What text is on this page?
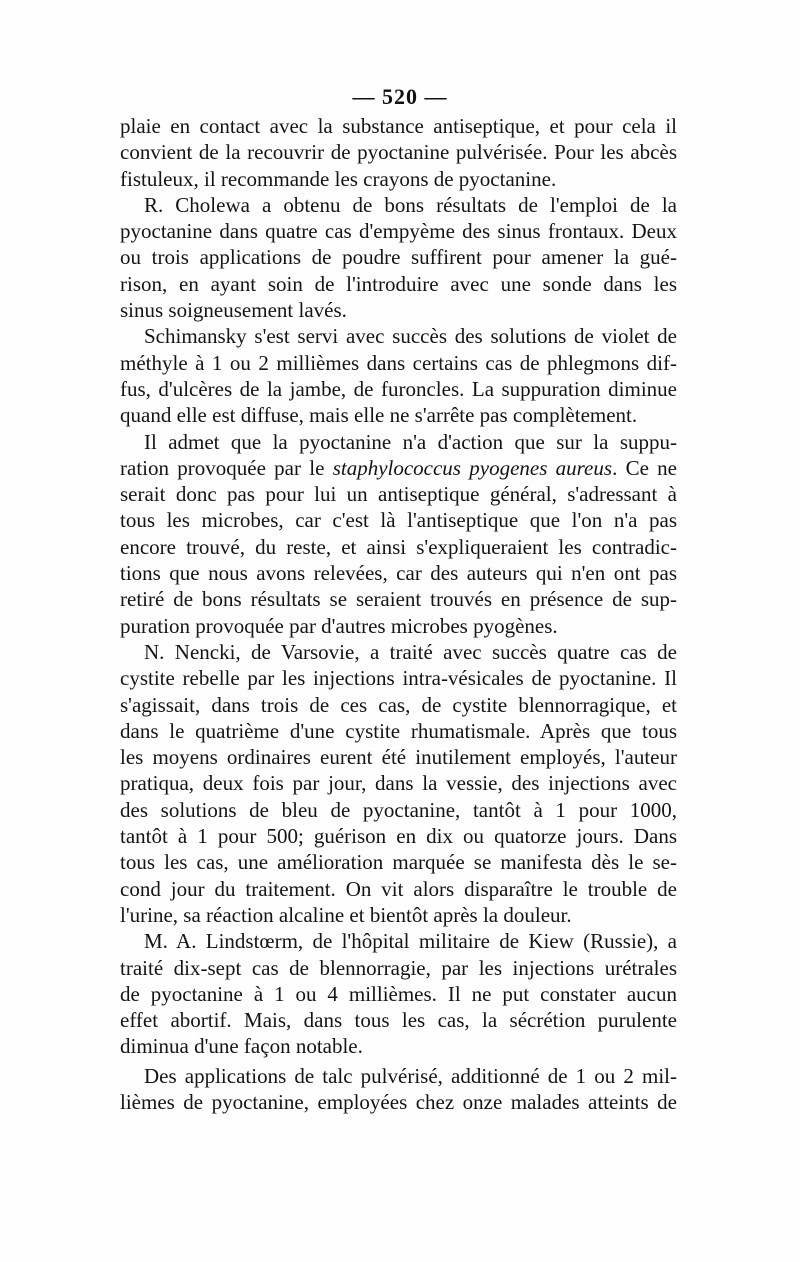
— 520 —
plaie en contact avec la substance antiseptique, et pour cela il
convient de la recouvrir de pyoctanine pulvérisée. Pour les abcès
fistuleux, il recommande les crayons de pyoctanine.
R. Cholewa a obtenu de bons résultats de l'emploi de la
pyoctanine dans quatre cas d'empyème des sinus frontaux. Deux
ou trois applications de poudre suffirent pour amener la gué-
rison, en ayant soin de l'introduire avec une sonde dans les
sinus soigneusement lavés.
Schimansky s'est servi avec succès des solutions de violet de
méthyle à 1 ou 2 millièmes dans certains cas de phlegmons dif-
fus, d'ulcères de la jambe, de furoncles. La suppuration diminue
quand elle est diffuse, mais elle ne s'arrête pas complètement.
Il admet que la pyoctanine n'a d'action que sur la suppu-
ration provoquée par le staphylococcus pyogenes aureus. Ce ne
serait donc pas pour lui un antiseptique général, s'adressant à
tous les microbes, car c'est là l'antiseptique que l'on n'a pas
encore trouvé, du reste, et ainsi s'expliqueraient les contradic-
tions que nous avons relevées, car des auteurs qui n'en ont pas
retiré de bons résultats se seraient trouvés en présence de sup-
puration provoquée par d'autres microbes pyogènes.
N. Nencki, de Varsovie, a traité avec succès quatre cas de
cystite rebelle par les injections intra-vésicales de pyoctanine. Il
s'agissait, dans trois de ces cas, de cystite blennorragique, et
dans le quatrième d'une cystite rhumatismale. Après que tous
les moyens ordinaires eurent été inutilement employés, l'auteur
pratiqua, deux fois par jour, dans la vessie, des injections avec
des solutions de bleu de pyoctanine, tantôt à 1 pour 1000,
tantôt à 1 pour 500; guérison en dix ou quatorze jours. Dans
tous les cas, une amélioration marquée se manifesta dès le se-
cond jour du traitement. On vit alors disparaître le trouble de
l'urine, sa réaction alcaline et bientôt après la douleur.
M. A. Lindstœrm, de l'hôpital militaire de Kiew (Russie), a
traité dix-sept cas de blennorragie, par les injections urétrales
de pyoctanine à 1 ou 4 millièmes. Il ne put constater aucun
effet abortif. Mais, dans tous les cas, la sécrétion purulente
diminua d'une façon notable.
Des applications de talc pulvérisé, additionné de 1 ou 2 mil-
lièmes de pyoctanine, employées chez onze malades atteints de
